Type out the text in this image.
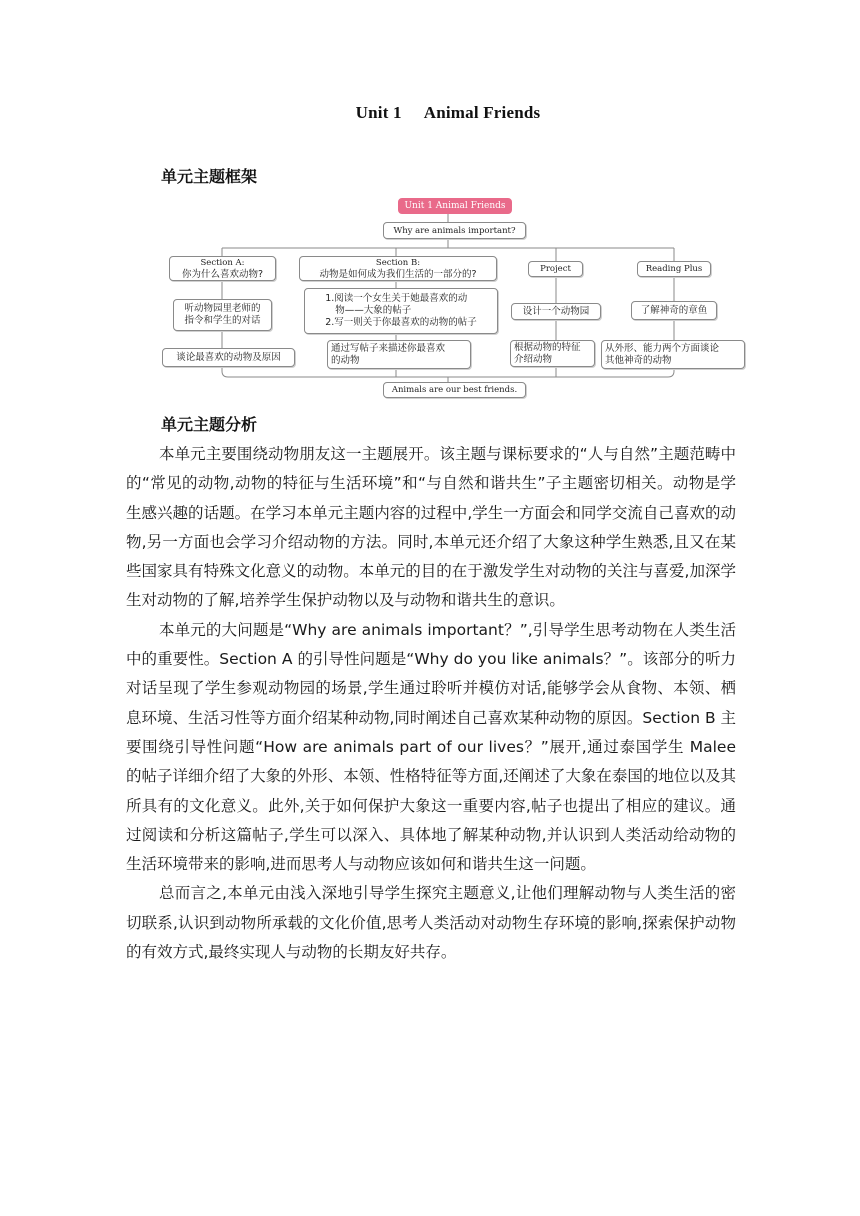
Unit 1 Animal Friends
单元主题框架
Unit 1 Animal Friends
Why are animals important?
Section A:
你为什么喜欢动物?
Section B:
动物是如何成为我们生活的一部分的?	Project	Reading Plus
听动物园里老师的
指令和学生的对话
1.阅读一个女生关于她最喜欢的动
物——大象的帖子
2.写一则关于你最喜欢的动物的帖子
设计一个动物园	了解神奇的章鱼
谈论最喜欢的动物及原因
通过写帖子来描述你最喜欢
的动物
根据动物的特征
介绍动物
从外形、能力两个方面谈论
其他神奇的动物
Animals are our best friends.
单元主题分析

本单元主要围绕动物朋友这一主题展开。该主题与课标要求的“人与自然”主题范畴中的“常见的动物,动物的特征与生活环境”和“与自然和谐共生”子主题密切相关。动物是学生感兴趣的话题。在学习本单元主题内容的过程中,学生一方面会和同学交流自己喜欢的动物,另一方面也会学习介绍动物的方法。同时,本单元还介绍了大象这种学生熟悉,且又在某些国家具有特殊文化意义的动物。本单元的目的在于激发学生对动物的关注与喜爱,加深学生对动物的了解,培养学生保护动物以及与动物和谐共生的意识。

本单元的大问题是“Why are animals important？”,引导学生思考动物在人类生活中的重要性。Section A 的引导性问题是“Why do you like animals？”。该部分的听力对话呈现了学生参观动物园的场景,学生通过聆听并模仿对话,能够学会从食物、本领、栖息环境、生活习性等方面介绍某种动物,同时阐述自己喜欢某种动物的原因。Section B 主要围绕引导性问题“How are animals part of our lives？”展开,通过泰国学生 Malee 的帖子详细介绍了大象的外形、本领、性格特征等方面,还阐述了大象在泰国的地位以及其所具有的文化意义。此外,关于如何保护大象这一重要内容,帖子也提出了相应的建议。通过阅读和分析这篇帖子,学生可以深入、具体地了解某种动物,并认识到人类活动给动物的生活环境带来的影响,进而思考人与动物应该如何和谐共生这一问题。

总而言之,本单元由浅入深地引导学生探究主题意义,让他们理解动物与人类生活的密切联系,认识到动物所承载的文化价值,思考人类活动对动物生存环境的影响,探索保护动物的有效方式,最终实现人与动物的长期友好共存。
